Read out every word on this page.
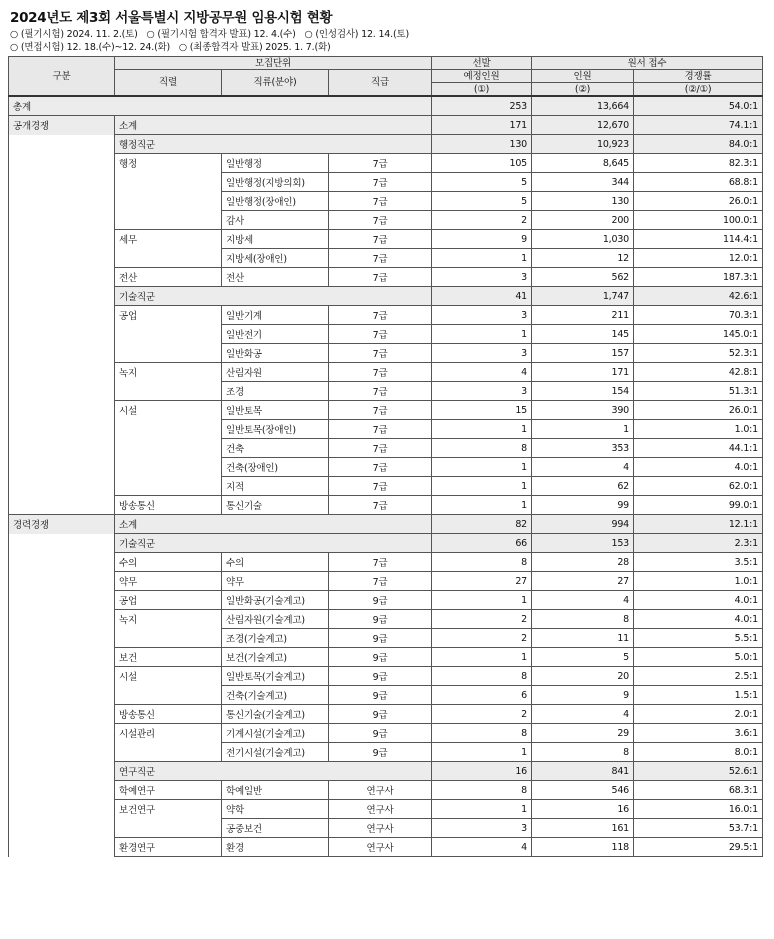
2024년도 제3회 서울특별시 지방공무원 임용시험 현황
○ (필기시험) 2024. 11. 2.(토) ○ (필기시험 합격자 발표) 12. 4.(수) ○ (인성검사) 12. 14.(토)
○ (면접시험) 12. 18.(수)~12. 24.(화) ○ (최종합격자 발표) 2025. 1. 7.(화)
구분	모집단위			선발	원서 접수	
	직렬	직류(분야)	직급	예정인원	인원	경쟁률
				(①)	(②)	(②/①)
총계				253	13,664	54.0:1
공개경쟁	소계			171	12,670	74.1:1
	행정직군			130	10,923	84.0:1
	행정	일반행정	7급	105	8,645	82.3:1
		일반행정(지방의회)	7급	5	344	68.8:1
		일반행정(장애인)	7급	5	130	26.0:1
		감사	7급	2	200	100.0:1
	세무	지방세	7급	9	1,030	114.4:1
		지방세(장애인)	7급	1	12	12.0:1
	전산	전산	7급	3	562	187.3:1
	기술직군			41	1,747	42.6:1
	공업	일반기계	7급	3	211	70.3:1
		일반전기	7급	1	145	145.0:1
		일반화공	7급	3	157	52.3:1
	녹지	산림자원	7급	4	171	42.8:1
		조경	7급	3	154	51.3:1
	시설	일반토목	7급	15	390	26.0:1
		일반토목(장애인)	7급	1	1	1.0:1
		건축	7급	8	353	44.1:1
		건축(장애인)	7급	1	4	4.0:1
		지적	7급	1	62	62.0:1
	방송통신	통신기술	7급	1	99	99.0:1
경력경쟁	소계			82	994	12.1:1
	기술직군			66	153	2.3:1
	수의	수의	7급	8	28	3.5:1
	약무	약무	7급	27	27	1.0:1
	공업	일반화공(기술계고)	9급	1	4	4.0:1
	녹지	산림자원(기술계고)	9급	2	8	4.0:1
		조경(기술계고)	9급	2	11	5.5:1
	보건	보건(기술계고)	9급	1	5	5.0:1
	시설	일반토목(기술계고)	9급	8	20	2.5:1
		건축(기술계고)	9급	6	9	1.5:1
	방송통신	통신기술(기술계고)	9급	2	4	2.0:1
	시설관리	기계시설(기술계고)	9급	8	29	3.6:1
		전기시설(기술계고)	9급	1	8	8.0:1
	연구직군			16	841	52.6:1
	학예연구	학예일반	연구사	8	546	68.3:1
	보건연구	약학	연구사	1	16	16.0:1
		공중보건	연구사	3	161	53.7:1
	환경연구	환경	연구사	4	118	29.5:1
